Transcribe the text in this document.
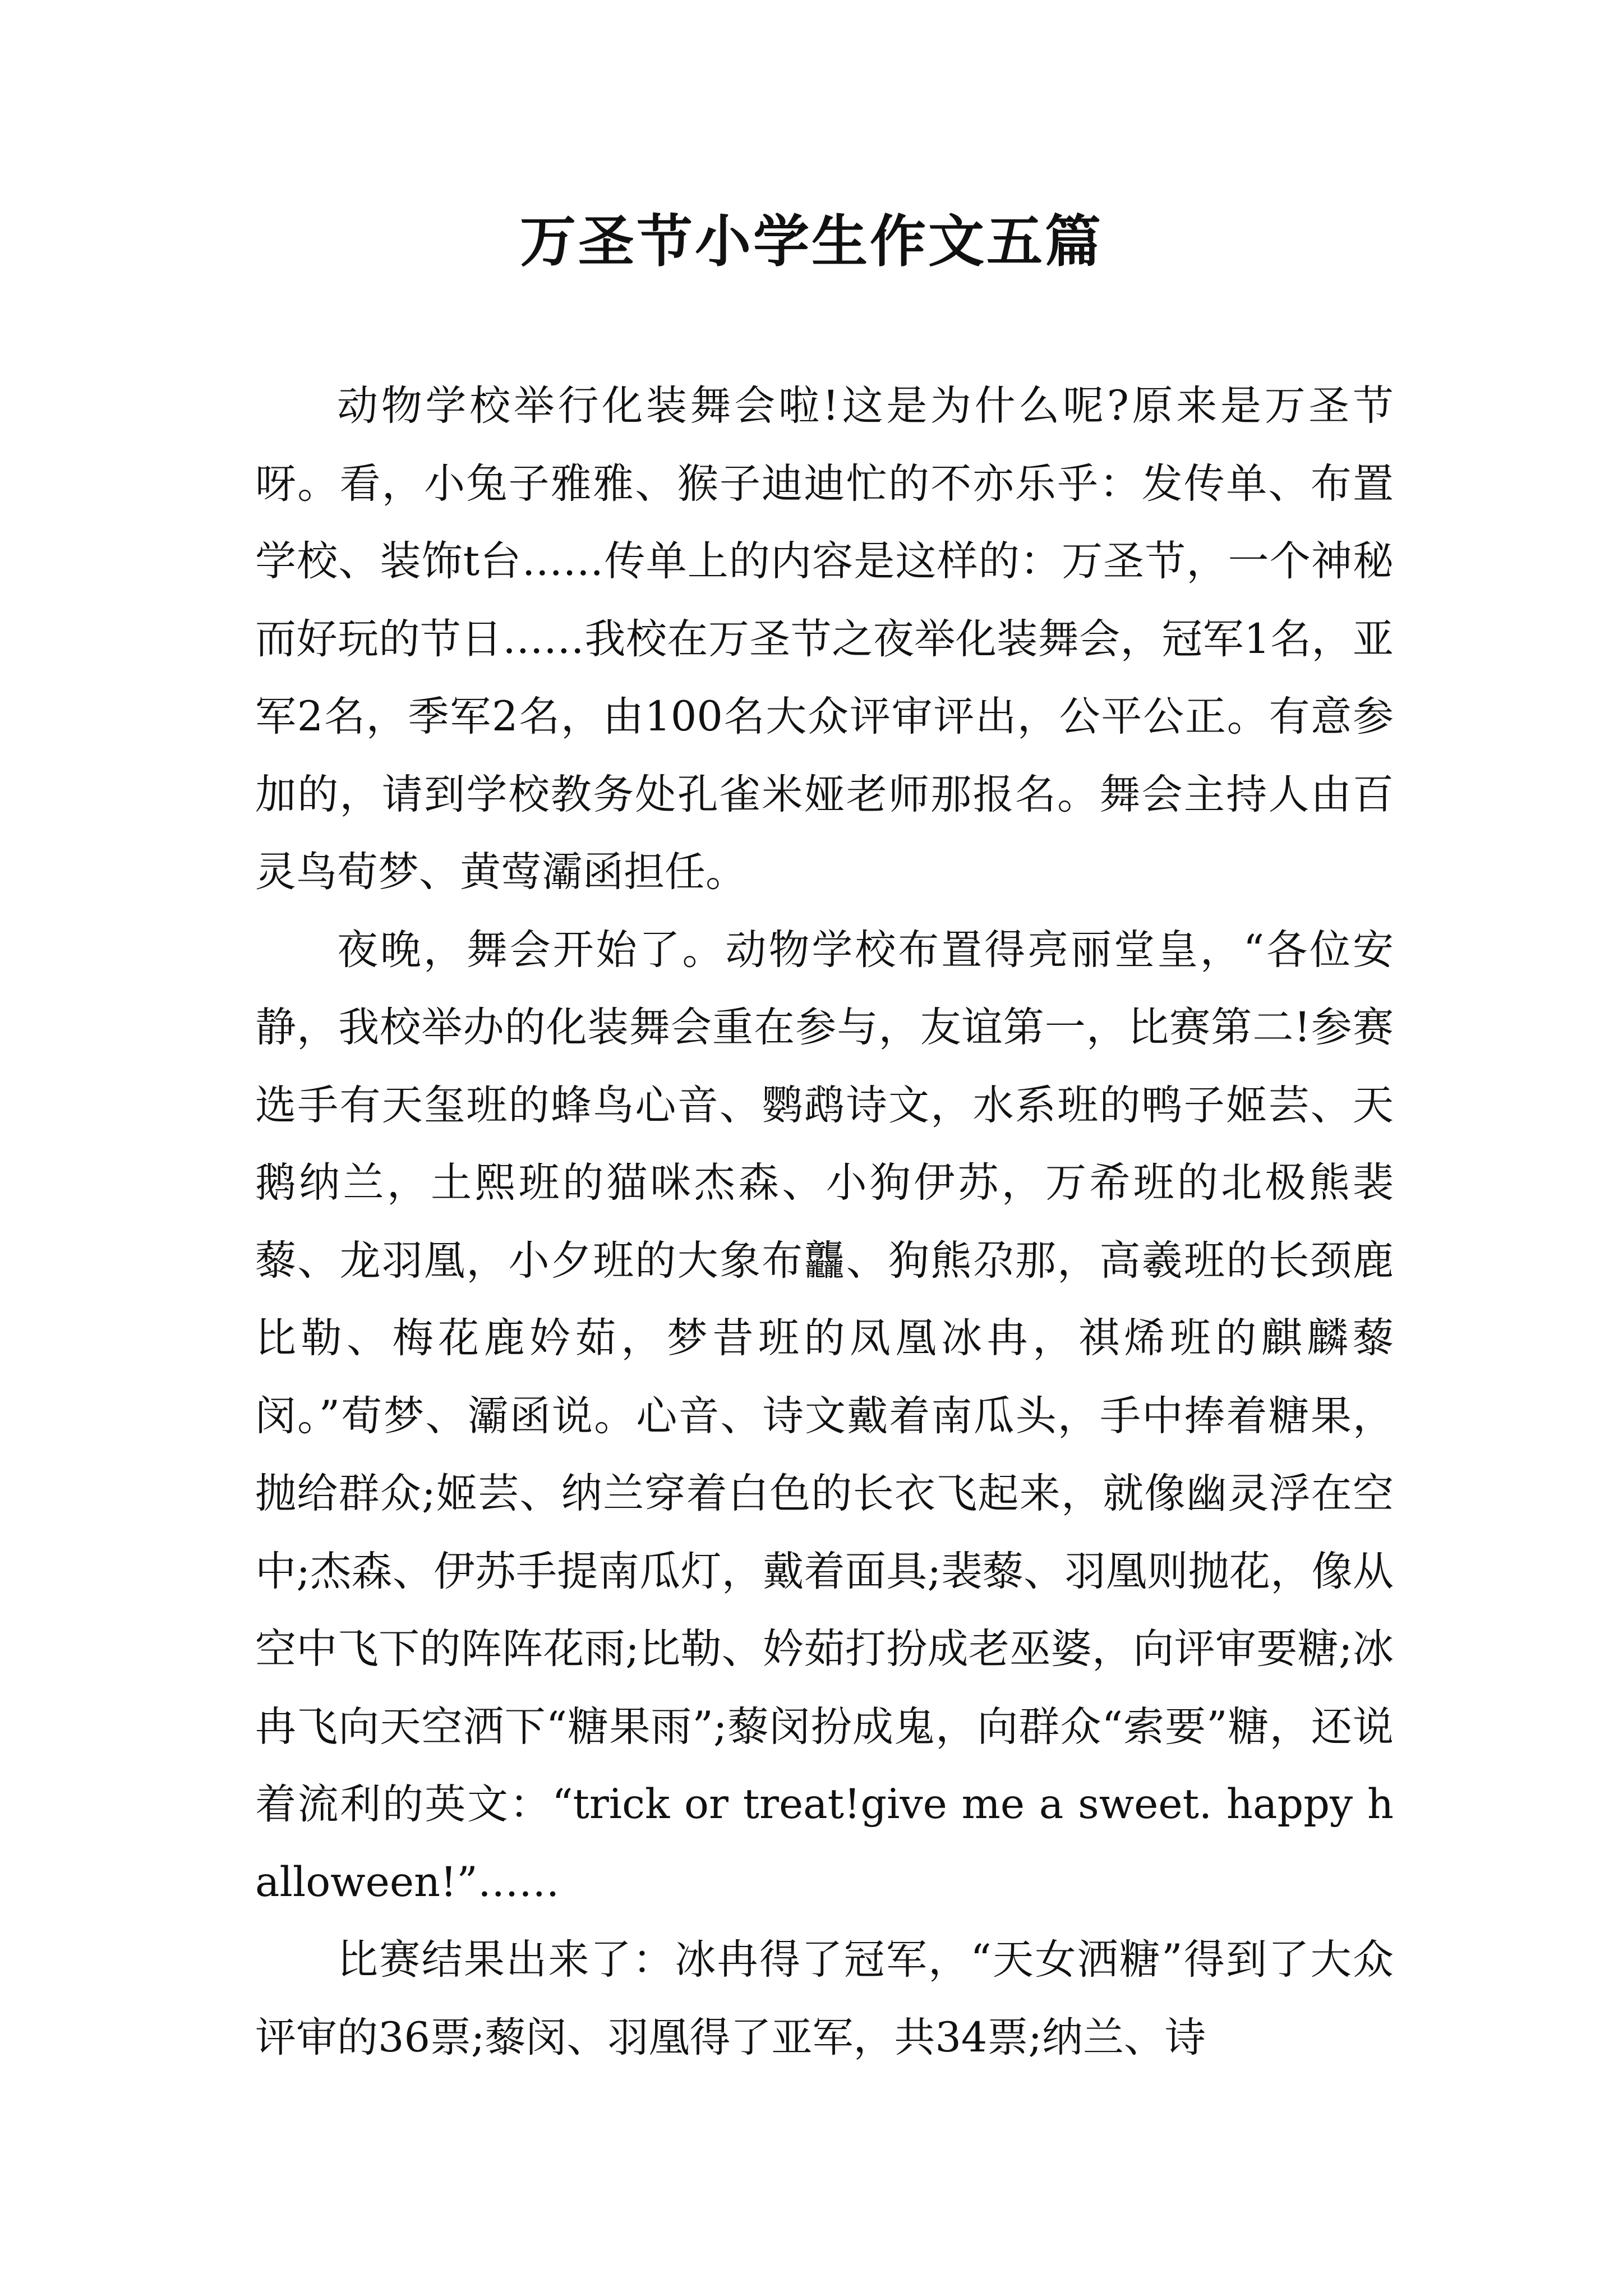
万圣节小学生作文五篇

动物学校举行化装舞会啦!这是为什么呢?原来是万圣节呀。看，小兔子雅雅、猴子迪迪忙的不亦乐乎：发传单、布置学校、装饰t台……传单上的内容是这样的：万圣节，一个神秘而好玩的节日……我校在万圣节之夜举化装舞会，冠军1名，亚军2名，季军2名，由100名大众评审评出，公平公正。有意参加的，请到学校教务处孔雀米娅老师那报名。舞会主持人由百灵鸟荀梦、黄莺灞函担任。

夜晚，舞会开始了。动物学校布置得亮丽堂皇，“各位安静，我校举办的化装舞会重在参与，友谊第一，比赛第二!参赛选手有天玺班的蜂鸟心音、鹦鹉诗文，水系班的鸭子姬芸、天鹅纳兰，土熙班的猫咪杰森、小狗伊苏，万希班的北极熊裴藜、龙羽凰，小夕班的大象布龘、狗熊尕那，高羲班的长颈鹿比勒、梅花鹿妗茹，梦昔班的凤凰冰冉，祺烯班的麒麟藜闵。”荀梦、灞函说。心音、诗文戴着南瓜头，手中捧着糖果，抛给群众;姬芸、纳兰穿着白色的长衣飞起来，就像幽灵浮在空中;杰森、伊苏手提南瓜灯，戴着面具;裴藜、羽凰则抛花，像从空中飞下的阵阵花雨;比勒、妗茹打扮成老巫婆，向评审要糖;冰冉飞向天空洒下“糖果雨”;藜闵扮成鬼，向群众“索要”糖，还说着流利的英文：“trick or treat!give me a sweet. happy halloween!”……

比赛结果出来了：冰冉得了冠军，“天女洒糖”得到了大众评审的36票;藜闵、羽凰得了亚军，共34票;纳兰、诗
